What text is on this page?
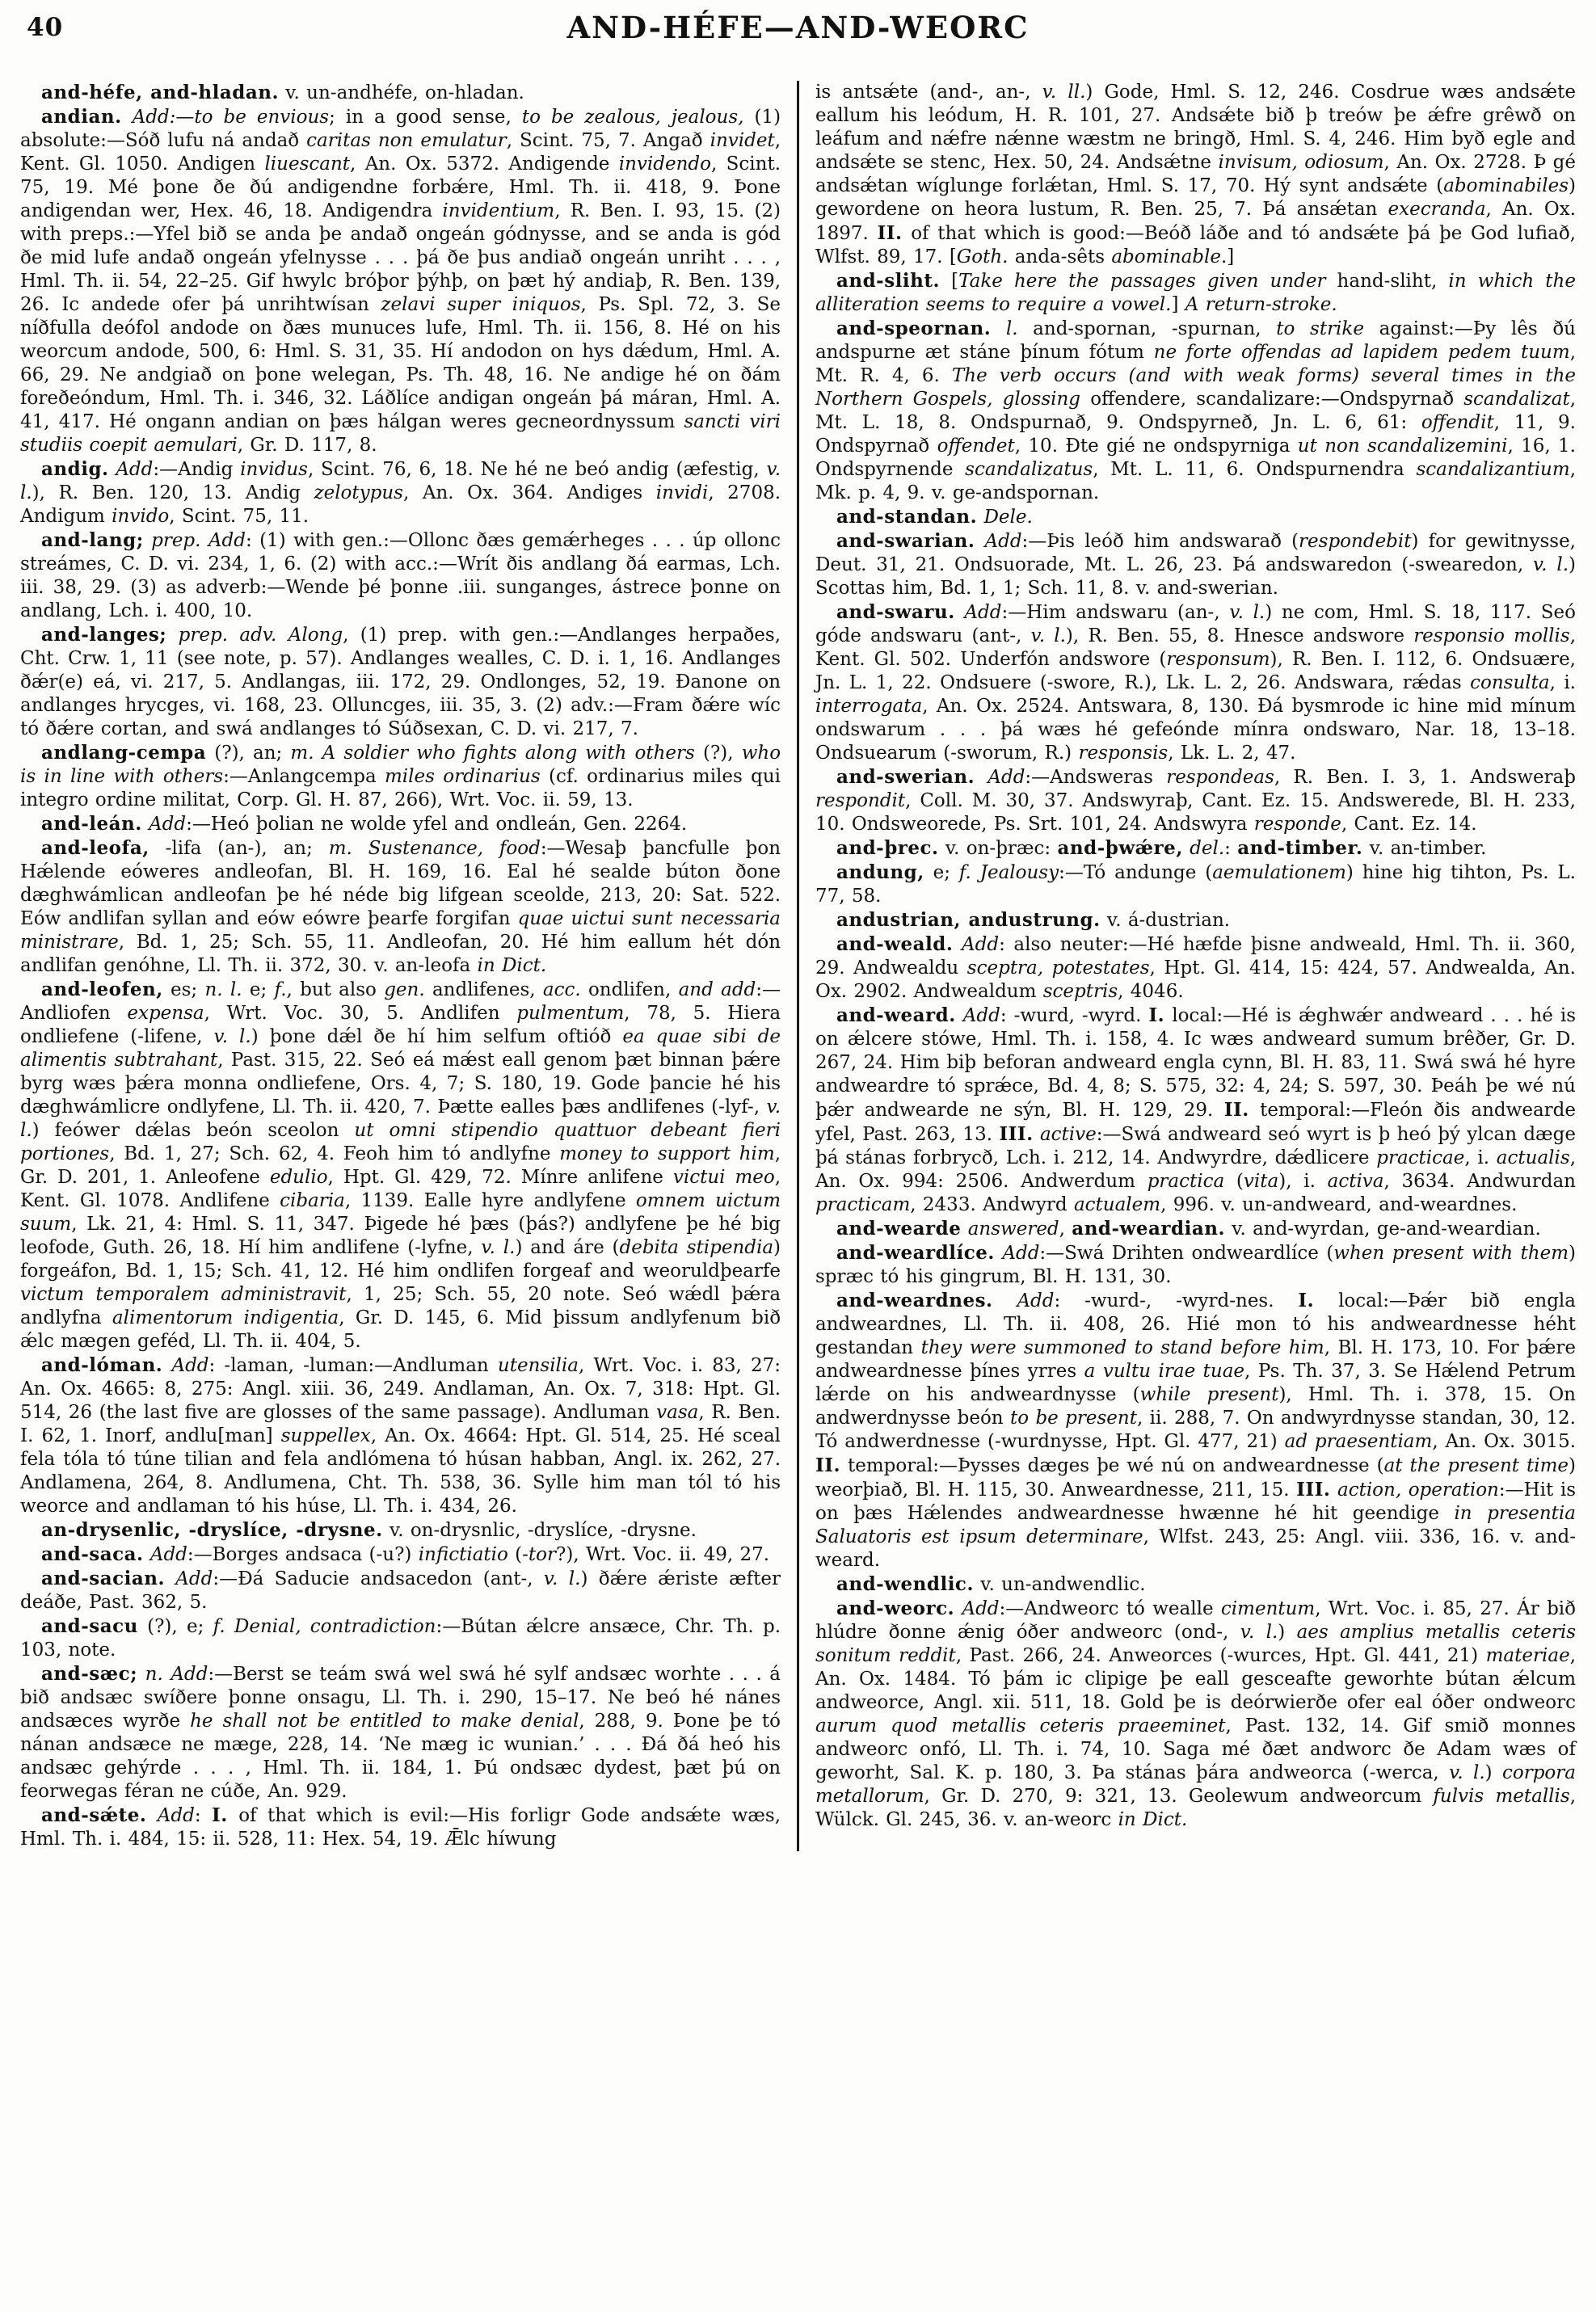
40	AND-HÉFE—AND-WEORC

and-héfe, and-hladan. v. un-andhéfe, on-hladan.

andian. Add:—to be envious; in a good sense, to be zealous, jealous, (1) absolute:—Sóð lufu ná andað caritas non emulatur, Scint. 75, 7. Angað invidet, Kent. Gl. 1050. Andigen liuescant, An. Ox. 5372. Andigende invidendo, Scint. 75, 19. Mé þone ðe ðú andigendne forbǽre, Hml. Th. ii. 418, 9. Þone andigendan wer, Hex. 46, 18. Andigendra invidentium, R. Ben. I. 93, 15. (2) with preps.:—Yfel bið se anda þe andað ongeán gódnysse, and se anda is gód ðe mid lufe andað ongeán yfelnysse . . . þá ðe þus andiað ongeán unriht . . . , Hml. Th. ii. 54, 22–25. Gif hwylc bróþor þýhþ, on þæt hý andiaþ, R. Ben. 139, 26. Ic andede ofer þá unrihtwísan zelavi super iniquos, Ps. Spl. 72, 3. Se níðfulla deófol andode on ðæs munuces lufe, Hml. Th. ii. 156, 8. Hé on his weorcum andode, 500, 6: Hml. S. 31, 35. Hí andodon on hys dǽdum, Hml. A. 66, 29. Ne andgiað on þone welegan, Ps. Th. 48, 16. Ne andige hé on ðám foreðeóndum, Hml. Th. i. 346, 32. Láðlíce andigan ongeán þá máran, Hml. A. 41, 417. Hé ongann andian on þæs hálgan weres gecneordnyssum sancti viri studiis coepit aemulari, Gr. D. 117, 8.

andig. Add:—Andig invidus, Scint. 76, 6, 18. Ne hé ne beó andig (æfestig, v. l.), R. Ben. 120, 13. Andig zelotypus, An. Ox. 364. Andiges invidi, 2708. Andigum invido, Scint. 75, 11.

and-lang; prep. Add: (1) with gen.:—Ollonc ðæs gemǽrheges . . . úp ollonc streámes, C. D. vi. 234, 1, 6. (2) with acc.:—Wrít ðis andlang ðá earmas, Lch. iii. 38, 29. (3) as adverb:—Wende þé þonne .iii. sunganges, ástrece þonne on andlang, Lch. i. 400, 10.

and-langes; prep. adv. Along, (1) prep. with gen.:—Andlanges herpaðes, Cht. Crw. 1, 11 (see note, p. 57). Andlanges wealles, C. D. i. 1, 16. Andlanges ðǽr(e) eá, vi. 217, 5. Andlangas, iii. 172, 29. Ondlonges, 52, 19. Ðanone on andlanges hrycges, vi. 168, 23. Olluncges, iii. 35, 3. (2) adv.:—Fram ðǽre wíc tó ðǽre cortan, and swá andlanges tó Súðsexan, C. D. vi. 217, 7.

andlang-cempa (?), an; m. A soldier who fights along with others (?), who is in line with others:—Anlangcempa miles ordinarius (cf. ordinarius miles qui integro ordine militat, Corp. Gl. H. 87, 266), Wrt. Voc. ii. 59, 13.

and-leán. Add:—Heó þolian ne wolde yfel and ondleán, Gen. 2264.

and-leofa, -lifa (an-), an; m. Sustenance, food:—Wesaþ þancfulle þon Hǽlende eóweres andleofan, Bl. H. 169, 16. Eal hé sealde búton ðone dæghwámlican andleofan þe hé néde big lifgean sceolde, 213, 20: Sat. 522. Eów andlifan syllan and eów eówre þearfe forgifan quae uictui sunt necessaria ministrare, Bd. 1, 25; Sch. 55, 11. Andleofan, 20. Hé him eallum hét dón andlifan genóhne, Ll. Th. ii. 372, 30. v. an-leofa in Dict.

and-leofen, es; n. l. e; f., but also gen. andlifenes, acc. ondlifen, and add:—Andliofen expensa, Wrt. Voc. 30, 5. Andlifen pulmentum, 78, 5. Hiera ondliefene (-lifene, v. l.) þone dǽl ðe hí him selfum oftióð ea quae sibi de alimentis subtrahant, Past. 315, 22. Seó eá mǽst eall genom þæt binnan þǽre byrg wæs þǽra monna ondliefene, Ors. 4, 7; S. 180, 19. Gode þancie hé his dæghwámlicre ondlyfene, Ll. Th. ii. 420, 7. Þætte ealles þæs andlifenes (-lyf-, v. l.) feówer dǽlas beón sceolon ut omni stipendio quattuor debeant fieri portiones, Bd. 1, 27; Sch. 62, 4. Feoh him tó andlyfne money to support him, Gr. D. 201, 1. Anleofene edulio, Hpt. Gl. 429, 72. Mínre anlifene victui meo, Kent. Gl. 1078. Andlifene cibaria, 1139. Ealle hyre andlyfene omnem uictum suum, Lk. 21, 4: Hml. S. 11, 347. Þigede hé þæs (þás?) andlyfene þe hé big leofode, Guth. 26, 18. Hí him andlifene (-lyfne, v. l.) and áre (debita stipendia) forgeáfon, Bd. 1, 15; Sch. 41, 12. Hé him ondlifen forgeaf and weoruldþearfe victum temporalem administravit, 1, 25; Sch. 55, 20 note. Seó wǽdl þǽra andlyfna alimentorum indigentia, Gr. D. 145, 6. Mid þissum andlyfenum bið ǽlc mægen geféd, Ll. Th. ii. 404, 5.

and-lóman. Add: -laman, -luman:—Andluman utensilia, Wrt. Voc. i. 83, 27: An. Ox. 4665: 8, 275: Angl. xiii. 36, 249. Andlaman, An. Ox. 7, 318: Hpt. Gl. 514, 26 (the last five are glosses of the same passage). Andluman vasa, R. Ben. I. 62, 1. Inorf, andlu[man] suppellex, An. Ox. 4664: Hpt. Gl. 514, 25. Hé sceal fela tóla tó túne tilian and fela andlómena tó húsan habban, Angl. ix. 262, 27. Andlamena, 264, 8. Andlumena, Cht. Th. 538, 36. Sylle him man tól tó his weorce and andlaman tó his húse, Ll. Th. i. 434, 26.

an-drysenlic, -dryslíce, -drysne. v. on-drysnlic, -dryslíce, -drysne.

and-saca. Add:—Borges andsaca (-u?) infictiatio (-tor?), Wrt. Voc. ii. 49, 27.

and-sacian. Add:—Ðá Saducie andsacedon (ant-, v. l.) ðǽre ǽriste æfter deáðe, Past. 362, 5.

and-sacu (?), e; f. Denial, contradiction:—Bútan ǽlcre ansæce, Chr. Th. p. 103, note.

and-sæc; n. Add:—Berst se teám swá wel swá hé sylf andsæc worhte . . . á bið andsæc swíðere þonne onsagu, Ll. Th. i. 290, 15–17. Ne beó hé nánes andsæces wyrðe he shall not be entitled to make denial, 288, 9. Þone þe tó nánan andsæce ne mæge, 228, 14. ‘Ne mæg ic wunian.’ . . . Ðá ðá heó his andsæc gehýrde . . . , Hml. Th. ii. 184, 1. Þú ondsæc dydest, þæt þú on feorwegas féran ne cúðe, An. 929.

and-sǽte. Add: I. of that which is evil:—His forligr Gode andsǽte wæs, Hml. Th. i. 484, 15: ii. 528, 11: Hex. 54, 19. Ǣlc híwung

is antsǽte (and-, an-, v. ll.) Gode, Hml. S. 12, 246. Cosdrue wæs andsǽte eallum his leódum, H. R. 101, 27. Andsǽte bið þ treów þe ǽfre grêwð on leáfum and nǽfre nǽnne wæstm ne bringð, Hml. S. 4, 246. Him byð egle and andsǽte se stenc, Hex. 50, 24. Andsǽtne invisum, odiosum, An. Ox. 2728. Þ gé andsǽtan wíglunge forlǽtan, Hml. S. 17, 70. Hý synt andsǽte (abominabiles) gewordene on heora lustum, R. Ben. 25, 7. Þá ansǽtan execranda, An. Ox. 1897. II. of that which is good:—Beóð láðe and tó andsǽte þá þe God lufiað, Wlfst. 89, 17. [Goth. anda-sêts abominable.]

and-sliht. [Take here the passages given under hand-sliht, in which the alliteration seems to require a vowel.] A return-stroke.

and-speornan. l. and-spornan, -spurnan, to strike against:—Þy lês ðú andspurne æt stáne þínum fótum ne forte offendas ad lapidem pedem tuum, Mt. R. 4, 6. The verb occurs (and with weak forms) several times in the Northern Gospels, glossing offendere, scandalizare:—Ondspyrnað scandalizat, Mt. L. 18, 8. Ondspurnað, 9. Ondspyrneð, Jn. L. 6, 61: offendit, 11, 9. Ondspyrnað offendet, 10. Ðte gié ne ondspyrniga ut non scandalizemini, 16, 1. Ondspyrnende scandalizatus, Mt. L. 11, 6. Ondspurnendra scandalizantium, Mk. p. 4, 9. v. ge-andspornan.

and-standan. Dele.

and-swarian. Add:—Þis leóð him andswarað (respondebit) for gewitnysse, Deut. 31, 21. Ondsuorade, Mt. L. 26, 23. Þá andswaredon (-swearedon, v. l.) Scottas him, Bd. 1, 1; Sch. 11, 8. v. and-swerian.

and-swaru. Add:—Him andswaru (an-, v. l.) ne com, Hml. S. 18, 117. Seó góde andswaru (ant-, v. l.), R. Ben. 55, 8. Hnesce andswore responsio mollis, Kent. Gl. 502. Underfón andswore (responsum), R. Ben. I. 112, 6. Ondsuære, Jn. L. 1, 22. Ondsuere (-swore, R.), Lk. L. 2, 26. Andswara, rǽdas consulta, i. interrogata, An. Ox. 2524. Antswara, 8, 130. Ðá bysmrode ic hine mid mínum ondswarum . . . þá wæs hé gefeónde mínra ondswaro, Nar. 18, 13–18. Ondsuearum (-sworum, R.) responsis, Lk. L. 2, 47.

and-swerian. Add:—Andsweras respondeas, R. Ben. I. 3, 1. Andsweraþ respondit, Coll. M. 30, 37. Andswyraþ, Cant. Ez. 15. Andswerede, Bl. H. 233, 10. Ondsweorede, Ps. Srt. 101, 24. Andswyra responde, Cant. Ez. 14.

and-þrec. v. on-þræc: and-þwǽre, del.: and-timber. v. an-timber.

andung, e; f. Jealousy:—Tó andunge (aemulationem) hine hig tihton, Ps. L. 77, 58.

andustrian, andustrung. v. á-dustrian.

and-weald. Add: also neuter:—Hé hæfde þisne andweald, Hml. Th. ii. 360, 29. Andwealdu sceptra, potestates, Hpt. Gl. 414, 15: 424, 57. Andwealda, An. Ox. 2902. Andwealdum sceptris, 4046.

and-weard. Add: -wurd, -wyrd. I. local:—Hé is ǽghwǽr andweard . . . hé is on ǽlcere stówe, Hml. Th. i. 158, 4. Ic wæs andweard sumum brêðer, Gr. D. 267, 24. Him biþ beforan andweard engla cynn, Bl. H. 83, 11. Swá swá hé hyre andweardre tó sprǽce, Bd. 4, 8; S. 575, 32: 4, 24; S. 597, 30. Þeáh þe wé nú þǽr andwearde ne sýn, Bl. H. 129, 29. II. temporal:—Fleón ðis andwearde yfel, Past. 263, 13. III. active:—Swá andweard seó wyrt is þ heó þý ylcan dæge þá stánas forbrycð, Lch. i. 212, 14. Andwyrdre, dǽdlicere practicae, i. actualis, An. Ox. 994: 2506. Andwerdum practica (vita), i. activa, 3634. Andwurdan practicam, 2433. Andwyrd actualem, 996. v. un-andweard, and-weardnes.

and-wearde answered, and-weardian. v. and-wyrdan, ge-and-weardian.

and-weardlíce. Add:—Swá Drihten ondweardlíce (when present with them) spræc tó his gingrum, Bl. H. 131, 30.

and-weardnes. Add: -wurd-, -wyrd-nes. I. local:—Þǽr bið engla andweardnes, Ll. Th. ii. 408, 26. Hié mon tó his andweardnesse héht gestandan they were summoned to stand before him, Bl. H. 173, 10. For þǽre andweardnesse þínes yrres a vultu irae tuae, Ps. Th. 37, 3. Se Hǽlend Petrum lǽrde on his andweardnysse (while present), Hml. Th. i. 378, 15. On andwerdnysse beón to be present, ii. 288, 7. On andwyrdnysse standan, 30, 12. Tó andwerdnesse (-wurdnysse, Hpt. Gl. 477, 21) ad praesentiam, An. Ox. 3015. II. temporal:—Þysses dæges þe wé nú on andweardnesse (at the present time) weorþiað, Bl. H. 115, 30. Anweardnesse, 211, 15. III. action, operation:—Hit is on þæs Hǽlendes andweardnesse hwænne hé hit geendige in presentia Saluatoris est ipsum determinare, Wlfst. 243, 25: Angl. viii. 336, 16. v. and-weard.

and-wendlic. v. un-andwendlic.

and-weorc. Add:—Andweorc tó wealle cimentum, Wrt. Voc. i. 85, 27. Ár bið hlúdre ðonne ǽnig óðer andweorc (ond-, v. l.) aes amplius metallis ceteris sonitum reddit, Past. 266, 24. Anweorces (-wurces, Hpt. Gl. 441, 21) materiae, An. Ox. 1484. Tó þám ic clipige þe eall gesceafte geworhte bútan ǽlcum andweorce, Angl. xii. 511, 18. Gold þe is deórwierðe ofer eal óðer ondweorc aurum quod metallis ceteris praeeminet, Past. 132, 14. Gif smið monnes andweorc onfó, Ll. Th. i. 74, 10. Saga mé ðæt andworc ðe Adam wæs of geworht, Sal. K. p. 180, 3. Þa stánas þára andweorca (-werca, v. l.) corpora metallorum, Gr. D. 270, 9: 321, 13. Geolewum andweorcum fulvis metallis, Wülck. Gl. 245, 36. v. an-weorc in Dict.
